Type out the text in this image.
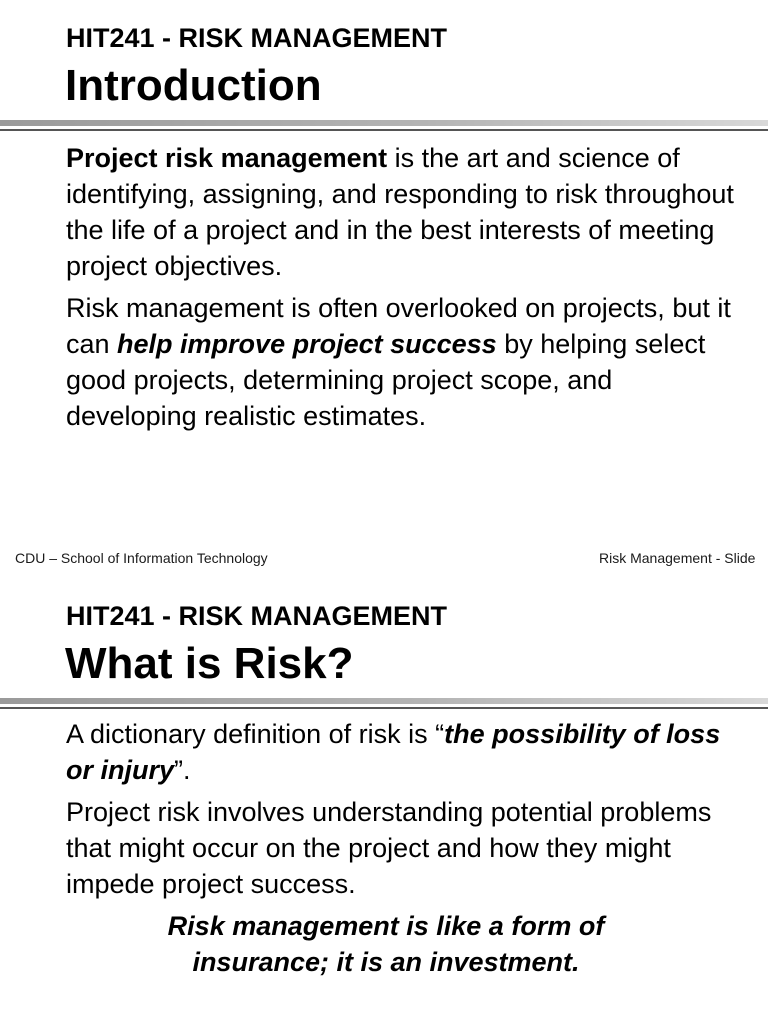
HIT241 - RISK MANAGEMENT
Introduction

Project risk management is the art and science of identifying, assigning, and responding to risk throughout the life of a project and in the best interests of meeting project objectives.

Risk management is often overlooked on projects, but it can help improve project success by helping select good projects, determining project scope, and developing realistic estimates.

CDU – School of Information Technology	Risk Management - Slide
HIT241 - RISK MANAGEMENT
What is Risk?

A dictionary definition of risk is “the possibility of loss or injury”.

Project risk involves understanding potential problems that might occur on the project and how they might impede project success.

Risk management is like a form of
insurance; it is an investment.
